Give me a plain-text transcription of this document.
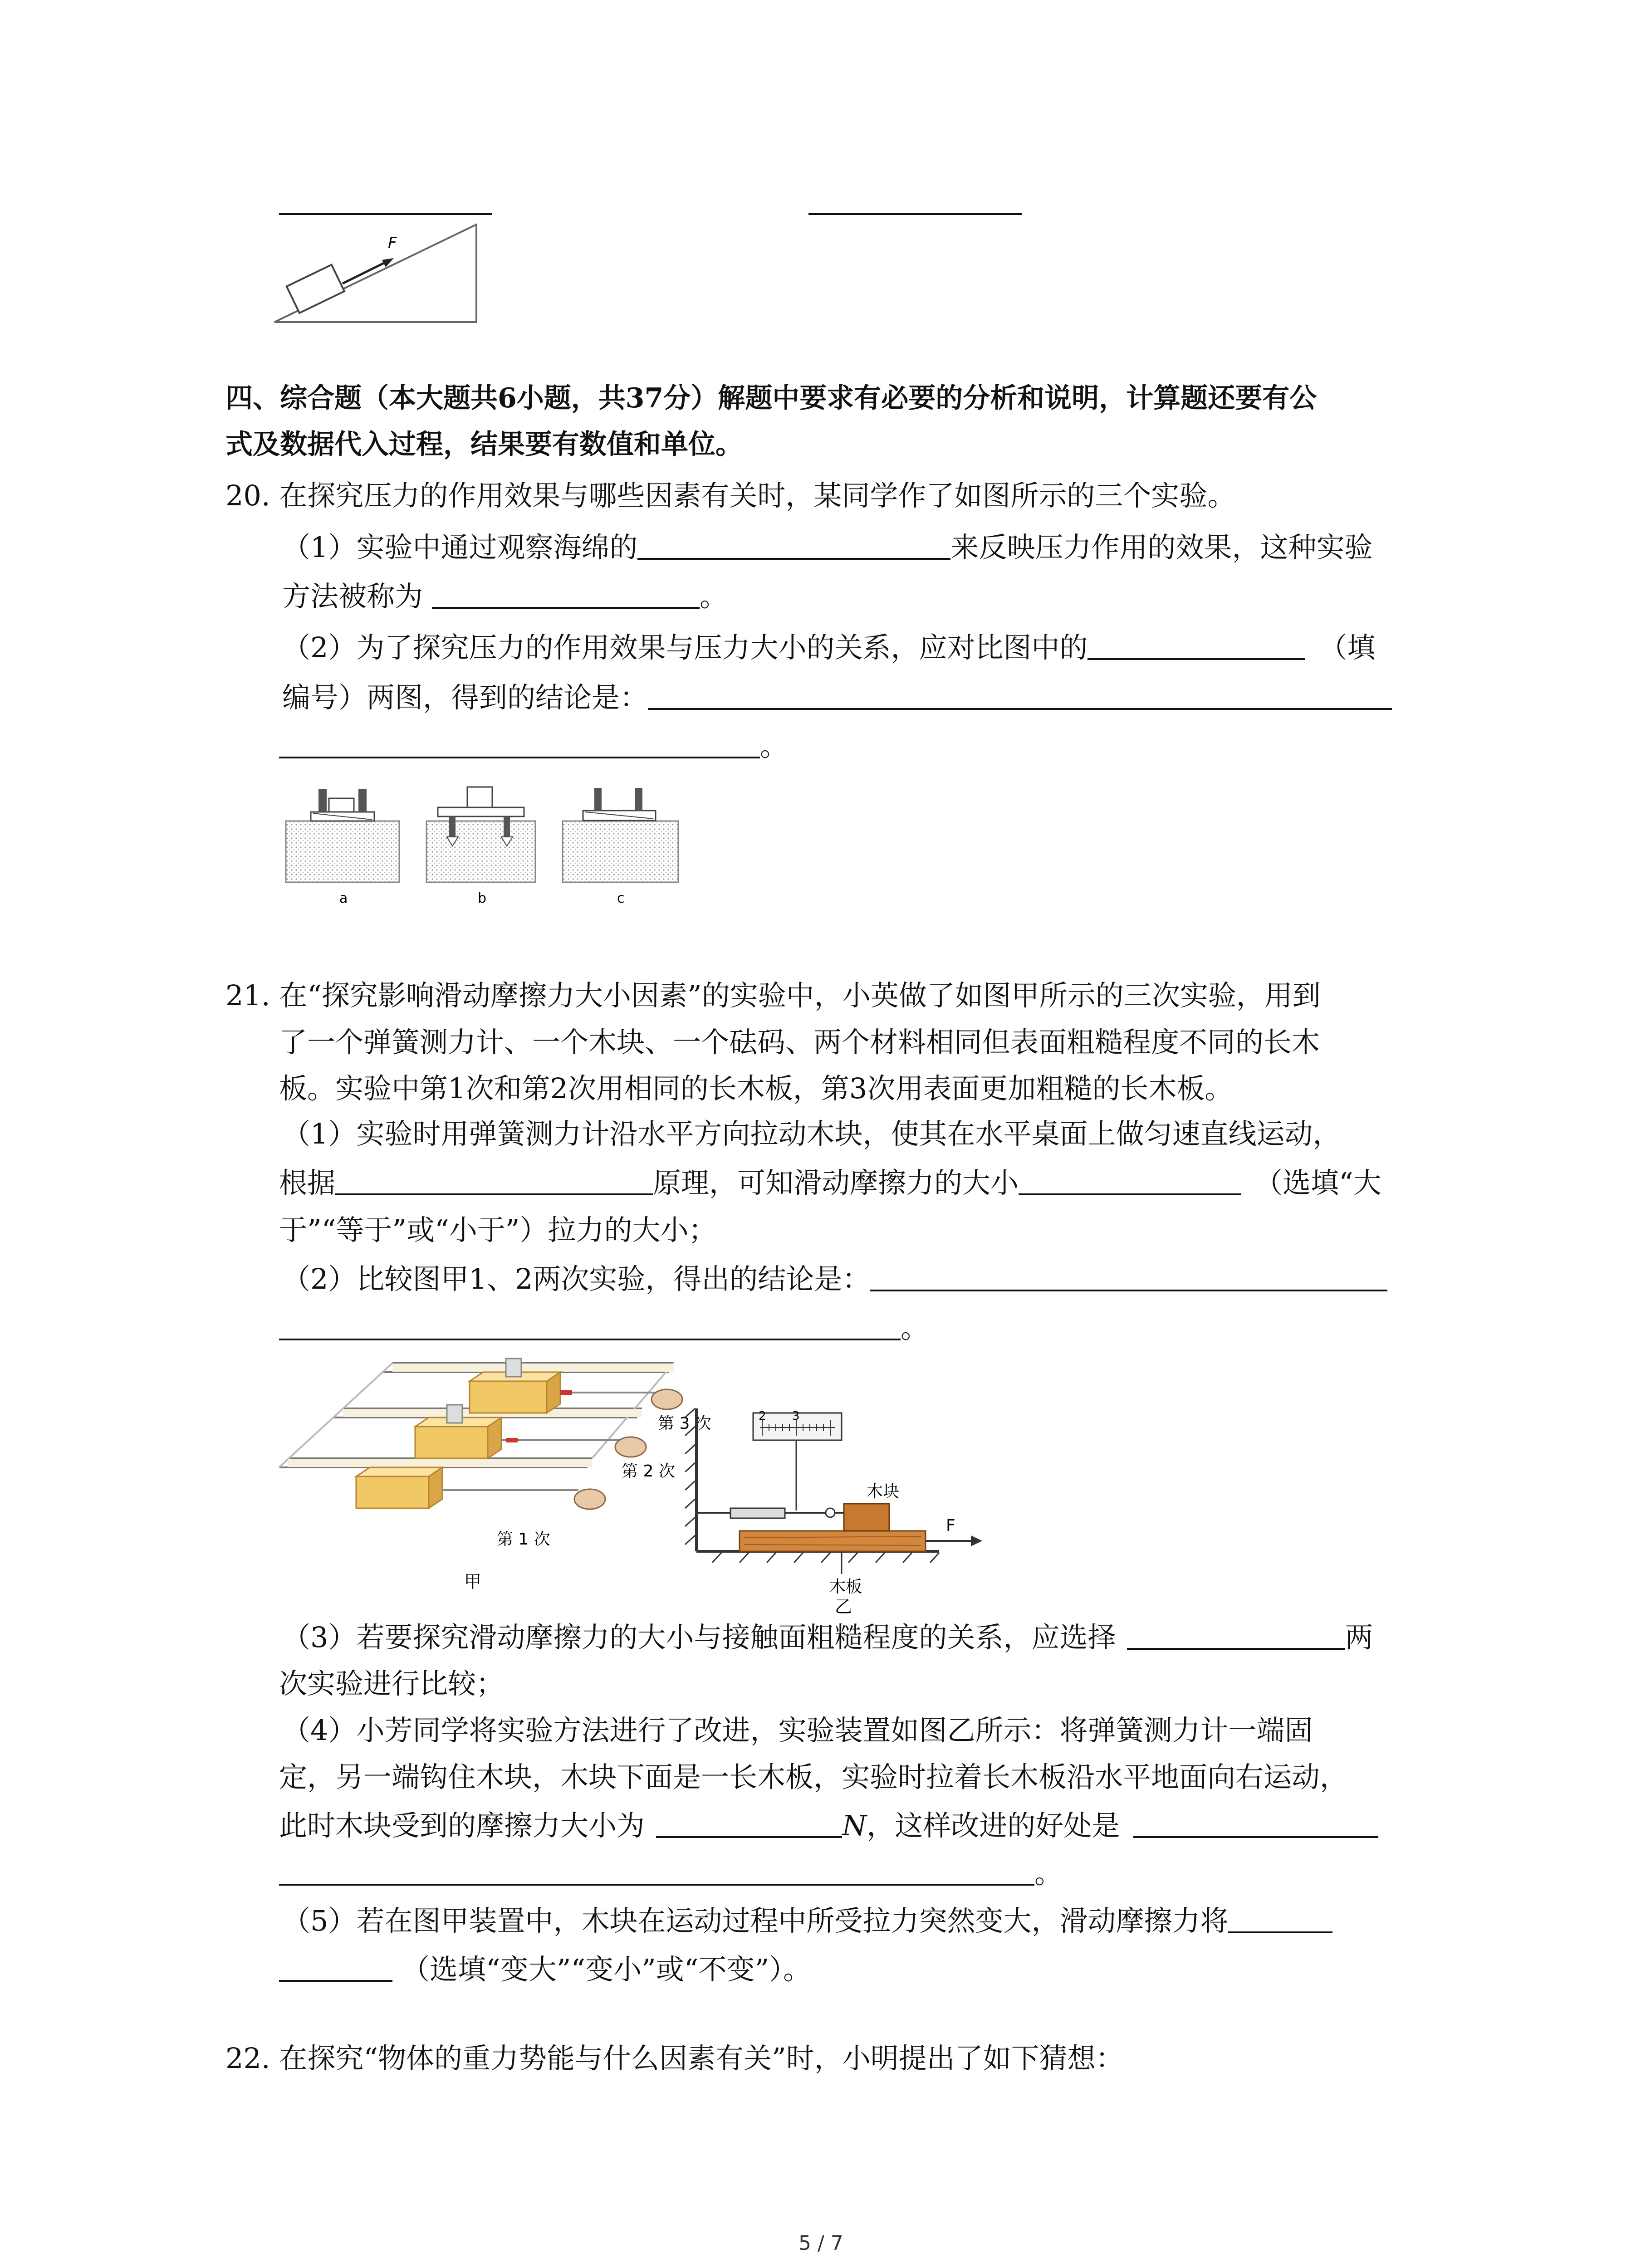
F
四、综合题（本大题共6小题，共37分）解题中要求有必要的分析和说明，计算题还要有公
式及数据代入过程，结果要有数值和单位。
20. 在探究压力的作用效果与哪些因素有关时，某同学作了如图所示的三个实验。
（1）实验中通过观察海绵的	来反映压力作用的效果，这种实验
方法被称为	。
（2）为了探究压力的作用效果与压力大小的关系，应对比图中的	（填
编号）两图，得到的结论是：
。
a	b	c
21. 在“探究影响滑动摩擦力大小因素”的实验中，小英做了如图甲所示的三次实验，用到
了一个弹簧测力计、一个木块、一个砝码、两个材料相同但表面粗糙程度不同的长木
板。实验中第1次和第2次用相同的长木板，第3次用表面更加粗糙的长木板。
（1）实验时用弹簧测力计沿水平方向拉动木块，使其在水平桌面上做匀速直线运动，
根据	原理，可知滑动摩擦力的大小	（选填“大
于”“等于”或“小于”）拉力的大小；
（2）比较图甲1、2两次实验，得出的结论是：
。
第 3 次
第 2 次
第 1 次
甲
2 3
木块
F
木板
乙
（3）若要探究滑动摩擦力的大小与接触面粗糙程度的关系，应选择	两
次实验进行比较；
（4）小芳同学将实验方法进行了改进，实验装置如图乙所示：将弹簧测力计一端固
定，另一端钩住木块，木块下面是一长木板，实验时拉着长木板沿水平地面向右运动，
此时木块受到的摩擦力大小为	N，这样改进的好处是
。
（5）若在图甲装置中，木块在运动过程中所受拉力突然变大，滑动摩擦力将
（选填“变大”“变小”或“不变”）。
22. 在探究“物体的重力势能与什么因素有关”时，小明提出了如下猜想：
5 / 7
